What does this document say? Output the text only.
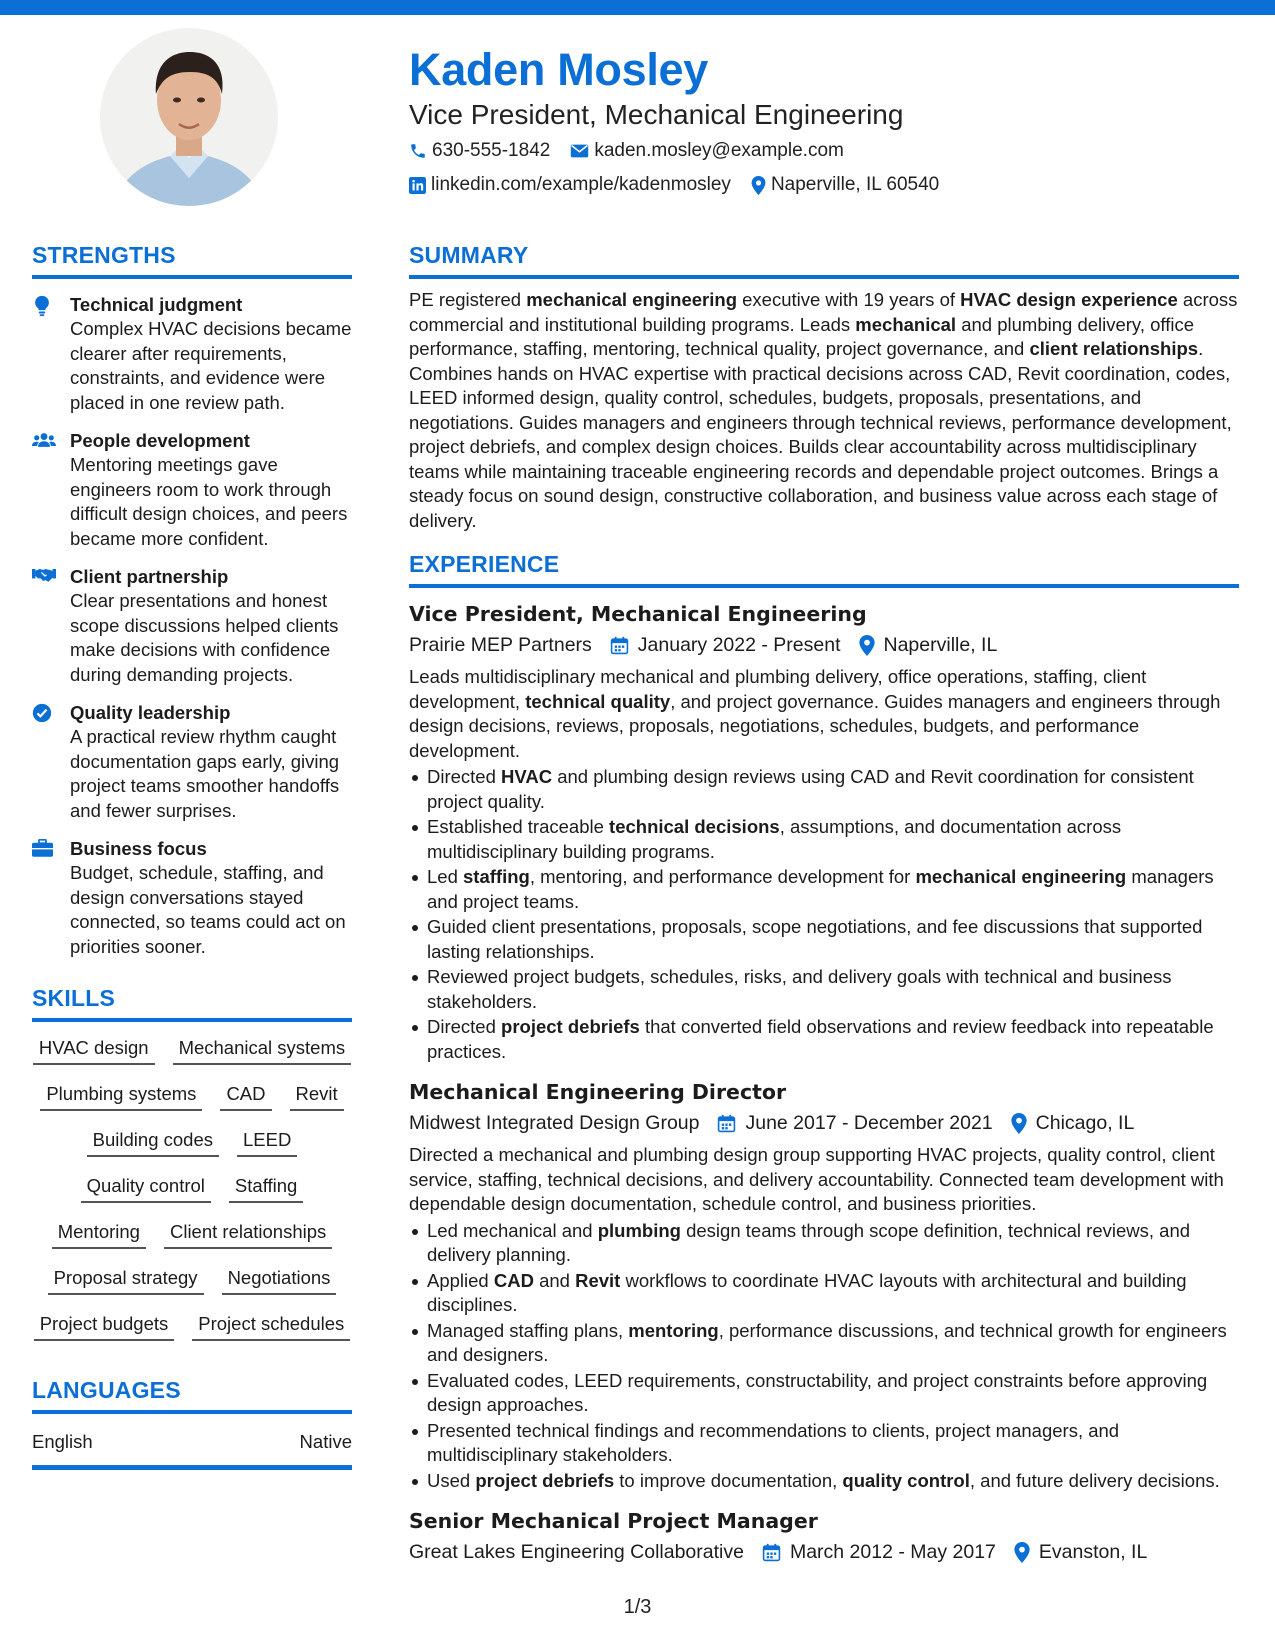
Kaden Mosley
Vice President, Mechanical Engineering
630-555-1842 kaden.mosley@example.com
linkedin.com/example/kadenmosley Naperville, IL 60540
STRENGTHS
Technical judgment
Complex HVAC decisions became clearer after requirements, constraints, and evidence were placed in one review path.
People development
Mentoring meetings gave engineers room to work through difficult design choices, and peers became more confident.
Client partnership
Clear presentations and honest scope discussions helped clients make decisions with confidence during demanding projects.
Quality leadership
A practical review rhythm caught documentation gaps early, giving project teams smoother handoffs and fewer surprises.
Business focus
Budget, schedule, staffing, and design conversations stayed connected, so teams could act on priorities sooner.
SKILLS
HVAC design	Mechanical systems
Plumbing systems	CAD	Revit
Building codes	LEED
Quality control	Staffing
Mentoring	Client relationships
Proposal strategy	Negotiations
Project budgets	Project schedules
LANGUAGES
English	Native
SUMMARY
PE registered mechanical engineering executive with 19 years of HVAC design experience across commercial and institutional building programs. Leads mechanical and plumbing delivery, office performance, staffing, mentoring, technical quality, project governance, and client relationships. Combines hands on HVAC expertise with practical decisions across CAD, Revit coordination, codes, LEED informed design, quality control, schedules, budgets, proposals, presentations, and negotiations. Guides managers and engineers through technical reviews, performance development, project debriefs, and complex design choices. Builds clear accountability across multidisciplinary teams while maintaining traceable engineering records and dependable project outcomes. Brings a steady focus on sound design, constructive collaboration, and business value across each stage of delivery.
EXPERIENCE
Vice President, Mechanical Engineering
Prairie MEP Partners January 2022 - Present Naperville, IL
Leads multidisciplinary mechanical and plumbing delivery, office operations, staffing, client development, technical quality, and project governance. Guides managers and engineers through design decisions, reviews, proposals, negotiations, schedules, budgets, and performance development.
Directed HVAC and plumbing design reviews using CAD and Revit coordination for consistent project quality.
Established traceable technical decisions, assumptions, and documentation across multidisciplinary building programs.
Led staffing, mentoring, and performance development for mechanical engineering managers and project teams.
Guided client presentations, proposals, scope negotiations, and fee discussions that supported lasting relationships.
Reviewed project budgets, schedules, risks, and delivery goals with technical and business stakeholders.
Directed project debriefs that converted field observations and review feedback into repeatable practices.
Mechanical Engineering Director
Midwest Integrated Design Group June 2017 - December 2021 Chicago, IL
Directed a mechanical and plumbing design group supporting HVAC projects, quality control, client service, staffing, technical decisions, and delivery accountability. Connected team development with dependable design documentation, schedule control, and business priorities.
Led mechanical and plumbing design teams through scope definition, technical reviews, and delivery planning.
Applied CAD and Revit workflows to coordinate HVAC layouts with architectural and building disciplines.
Managed staffing plans, mentoring, performance discussions, and technical growth for engineers and designers.
Evaluated codes, LEED requirements, constructability, and project constraints before approving design approaches.
Presented technical findings and recommendations to clients, project managers, and multidisciplinary stakeholders.
Used project debriefs to improve documentation, quality control, and future delivery decisions.
Senior Mechanical Project Manager
Great Lakes Engineering Collaborative March 2012 - May 2017 Evanston, IL
1/3
